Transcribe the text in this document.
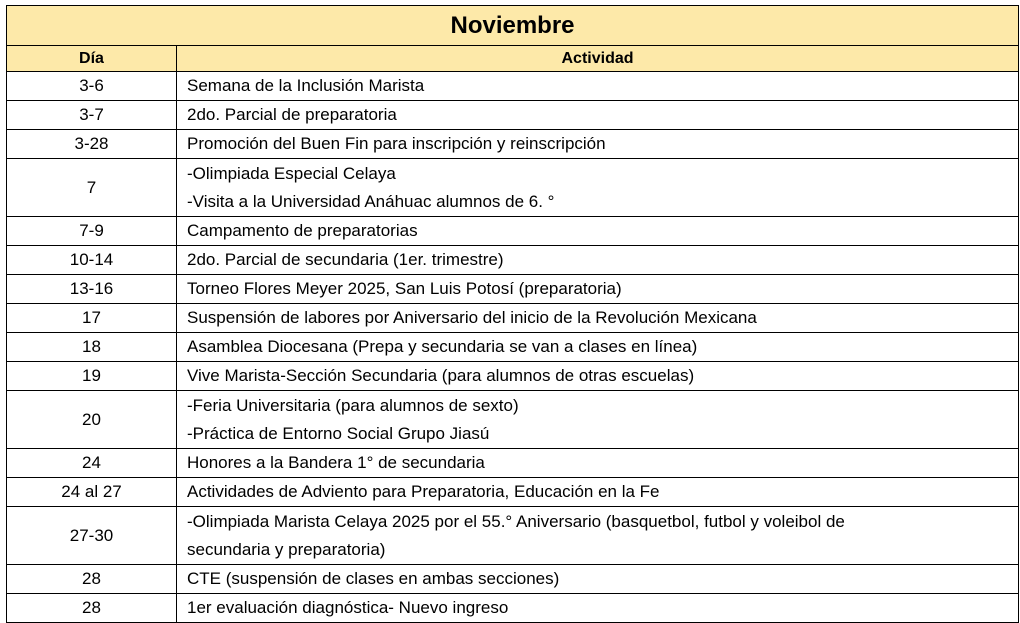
Noviembre	
Día	Actividad
3-6	Semana de la Inclusión Marista

3-7	2do. Parcial de preparatoria

3-28	Promoción del Buen Fin para inscripción y reinscripción

7	-Olimpiada Especial Celaya
-Visita a la Universidad Anáhuac alumnos de 6. °

7-9	Campamento de preparatorias

10-14	2do. Parcial de secundaria (1er. trimestre)

13-16	Torneo Flores Meyer 2025, San Luis Potosí (preparatoria)

17	Suspensión de labores por Aniversario del inicio de la Revolución Mexicana

18	Asamblea Diocesana (Prepa y secundaria se van a clases en línea)

19	Vive Marista-Sección Secundaria (para alumnos de otras escuelas)

20	-Feria Universitaria (para alumnos de sexto)
-Práctica de Entorno Social Grupo Jiasú

24	Honores a la Bandera 1° de secundaria

24 al 27	Actividades de Adviento para Preparatoria, Educación en la Fe

27-30	-Olimpiada Marista Celaya 2025 por el 55.° Aniversario (basquetbol, futbol y voleibol de
secundaria y preparatoria)

28	CTE (suspensión de clases en ambas secciones)

28	1er evaluación diagnóstica- Nuevo ingreso
